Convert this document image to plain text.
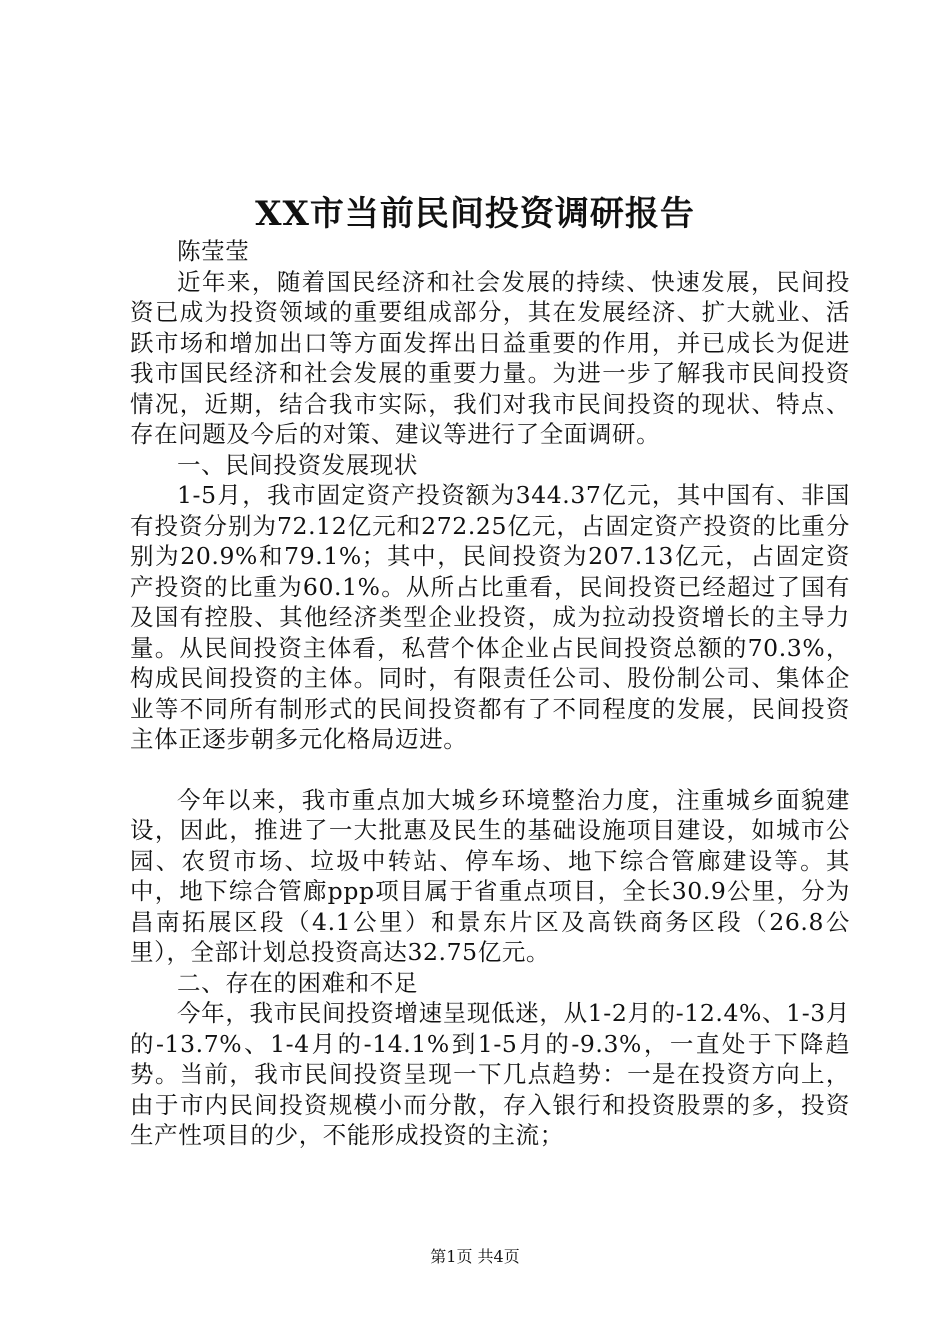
XX市当前民间投资调研报告

陈莹莹

近年来，随着国民经济和社会发展的持续、快速发展，民间投资已成为投资领域的重要组成部分，其在发展经济、扩大就业、活跃市场和增加出口等方面发挥出日益重要的作用，并已成长为促进我市国民经济和社会发展的重要力量。为进一步了解我市民间投资情况，近期，结合我市实际，我们对我市民间投资的现状、特点、存在问题及今后的对策、建议等进行了全面调研。

一、民间投资发展现状

1-5月，我市固定资产投资额为344.37亿元，其中国有、非国有投资分别为72.12亿元和272.25亿元，占固定资产投资的比重分别为20.9%和79.1%；其中，民间投资为207.13亿元，占固定资产投资的比重为60.1%。从所占比重看，民间投资已经超过了国有及国有控股、其他经济类型企业投资，成为拉动投资增长的主导力量。从民间投资主体看，私营个体企业占民间投资总额的70.3%，构成民间投资的主体。同时，有限责任公司、股份制公司、集体企业等不同所有制形式的民间投资都有了不同程度的发展，民间投资主体正逐步朝多元化格局迈进。

今年以来，我市重点加大城乡环境整治力度，注重城乡面貌建设，因此，推进了一大批惠及民生的基础设施项目建设，如城市公园、农贸市场、垃圾中转站、停车场、地下综合管廊建设等。其中，地下综合管廊ppp项目属于省重点项目，全长30.9公里，分为昌南拓展区段（4.1公里）和景东片区及高铁商务区段（26.8公里），全部计划总投资高达32.75亿元。

二、存在的困难和不足

今年，我市民间投资增速呈现低迷，从1-2月的-12.4%、1-3月的-13.7%、1-4月的-14.1%到1-5月的-9.3%，一直处于下降趋势。当前，我市民间投资呈现一下几点趋势：一是在投资方向上，由于市内民间投资规模小而分散，存入银行和投资股票的多，投资生产性项目的少，不能形成投资的主流；

第1页 共4页
